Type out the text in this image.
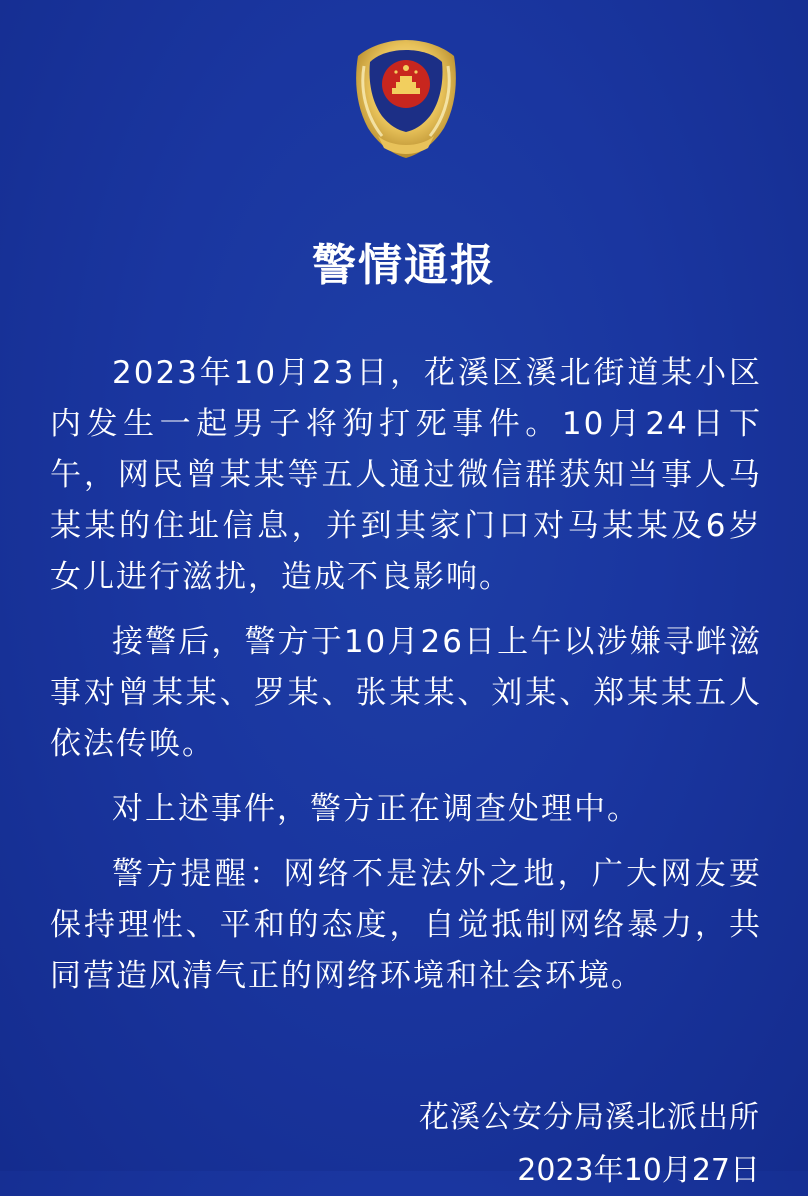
警情通报

2023年10月23日，花溪区溪北街道某小区内发生一起男子将狗打死事件。10月24日下午，网民曾某某等五人通过微信群获知当事人马某某的住址信息，并到其家门口对马某某及6岁女儿进行滋扰，造成不良影响。

接警后，警方于10月26日上午以涉嫌寻衅滋事对曾某某、罗某、张某某、刘某、郑某某五人依法传唤。

对上述事件，警方正在调查处理中。

警方提醒：网络不是法外之地，广大网友要保持理性、平和的态度，自觉抵制网络暴力，共同营造风清气正的网络环境和社会环境。

花溪公安分局溪北派出所
2023年10月27日
